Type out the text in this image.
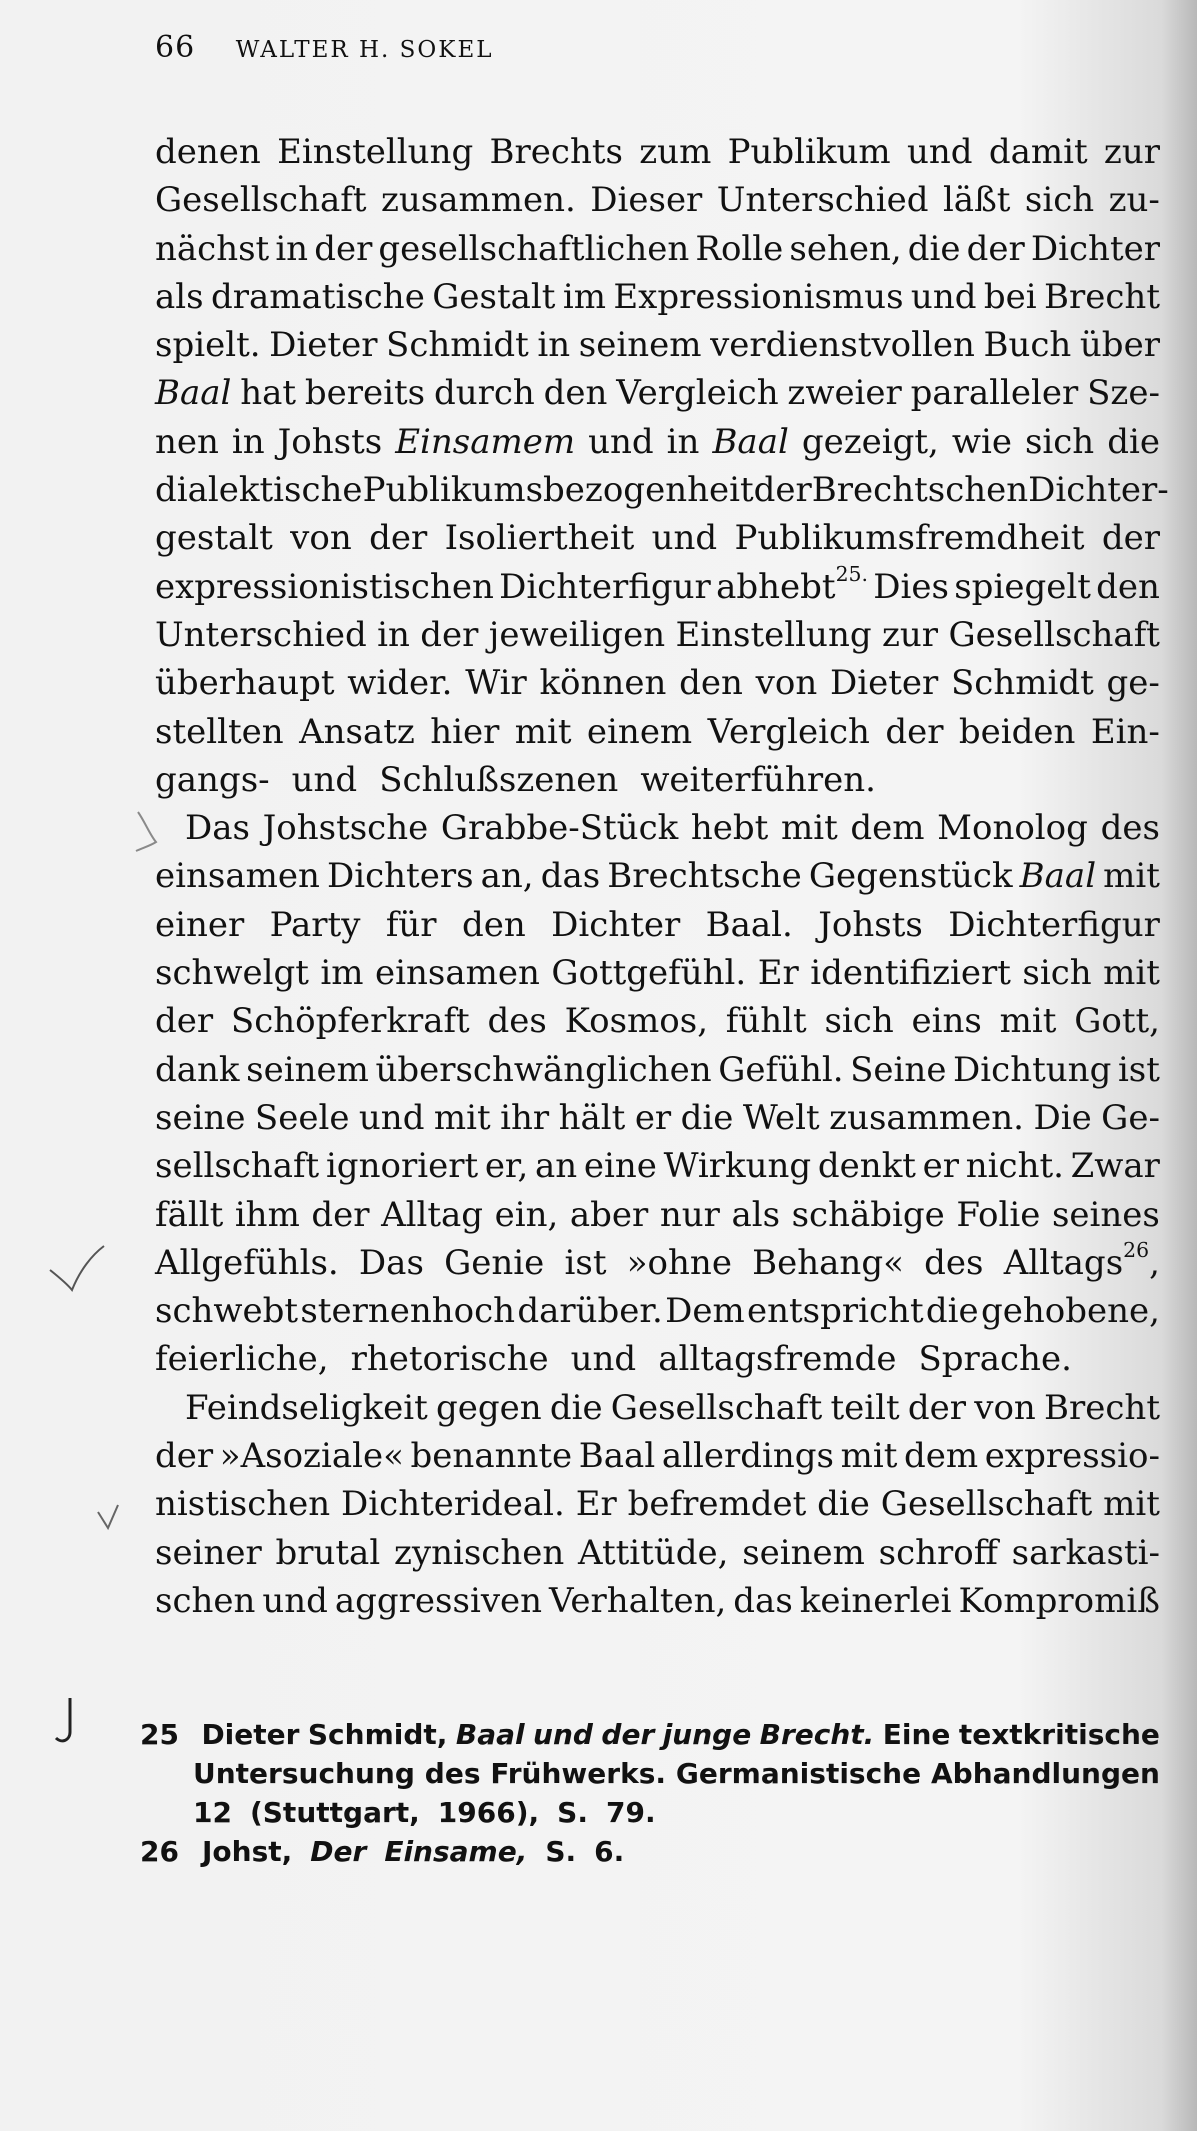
66 WALTER H. SOKEL
denen Einstellung Brechts zum Publikum und damit zur
Gesellschaft zusammen. Dieser Unterschied läßt sich zu-
nächst in der gesellschaftlichen Rolle sehen, die der Dichter
als dramatische Gestalt im Expressionismus und bei Brecht
spielt. Dieter Schmidt in seinem verdienstvollen Buch über
Baal hat bereits durch den Vergleich zweier paralleler Sze-
nen in Johsts Einsamem und in Baal gezeigt, wie sich die
dialektische Publikumsbezogenheit der Brechtschen Dichter-
gestalt von der Isoliertheit und Publikumsfremdheit der
expressionistischen Dichterfigur abhebt$^{25.}$ Dies spiegelt den
Unterschied in der jeweiligen Einstellung zur Gesellschaft
überhaupt wider. Wir können den von Dieter Schmidt ge-
stellten Ansatz hier mit einem Vergleich der beiden Ein-
gangs- und Schlußszenen weiterführen.
Das Johstsche Grabbe-Stück hebt mit dem Monolog des
einsamen Dichters an, das Brechtsche Gegenstück Baal mit
einer Party für den Dichter Baal. Johsts Dichterfigur
schwelgt im einsamen Gottgefühl. Er identifiziert sich mit
der Schöpferkraft des Kosmos, fühlt sich eins mit Gott,
dank seinem überschwänglichen Gefühl. Seine Dichtung ist
seine Seele und mit ihr hält er die Welt zusammen. Die Ge-
sellschaft ignoriert er, an eine Wirkung denkt er nicht. Zwar
fällt ihm der Alltag ein, aber nur als schäbige Folie seines
Allgefühls. Das Genie ist »ohne Behang« des Alltags$^{26}$,
schwebt sternenhoch darüber. Dem entspricht die gehobene,
feierliche, rhetorische und alltagsfremde Sprache.
Feindseligkeit gegen die Gesellschaft teilt der von Brecht
der »Asoziale« benannte Baal allerdings mit dem expressio-
nistischen Dichterideal. Er befremdet die Gesellschaft mit
seiner brutal zynischen Attitüde, seinem schroff sarkasti-
schen und aggressiven Verhalten, das keinerlei Kompromiß
25 Dieter Schmidt, Baal und der junge Brecht. Eine textkritische
Untersuchung des Frühwerks. Germanistische Abhandlungen
12 (Stuttgart, 1966), S. 79.
26 Johst, Der Einsame, S. 6.
